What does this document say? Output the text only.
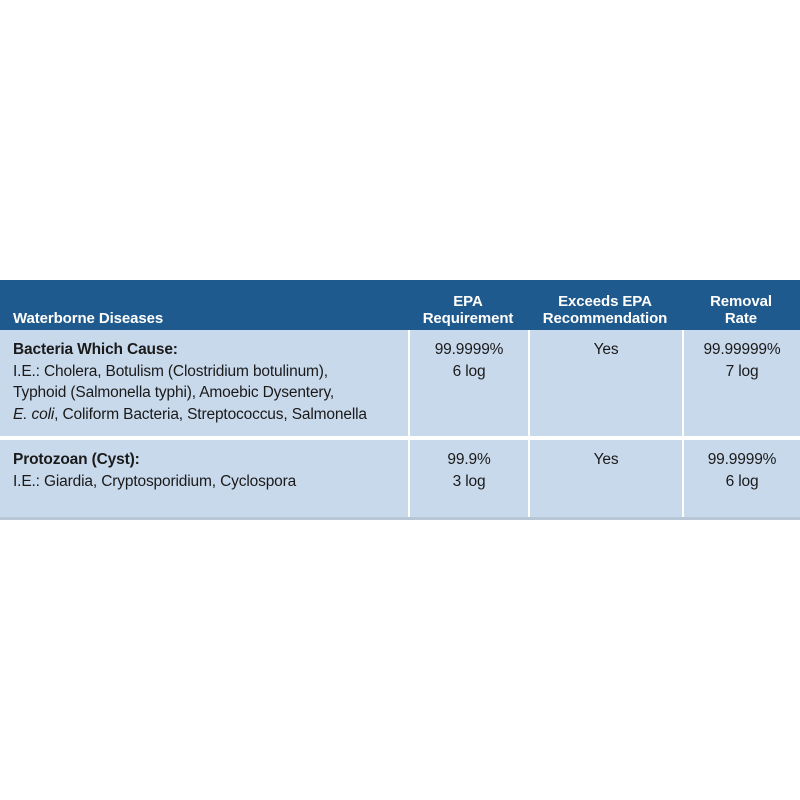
Waterborne Diseases
EPA
Requirement
Exceeds EPA
Recommendation
Removal
Rate
Bacteria Which Cause:
I.E.: Cholera, Botulism (Clostridium botulinum),
Typhoid (Salmonella typhi), Amoebic Dysentery,
E. coli, Coliform Bacteria, Streptococcus, Salmonella
99.9999%
6 log
Yes	99.99999%
7 log
Protozoan (Cyst):
I.E.: Giardia, Cryptosporidium, Cyclospora
99.9%
3 log
Yes	99.9999%
6 log
